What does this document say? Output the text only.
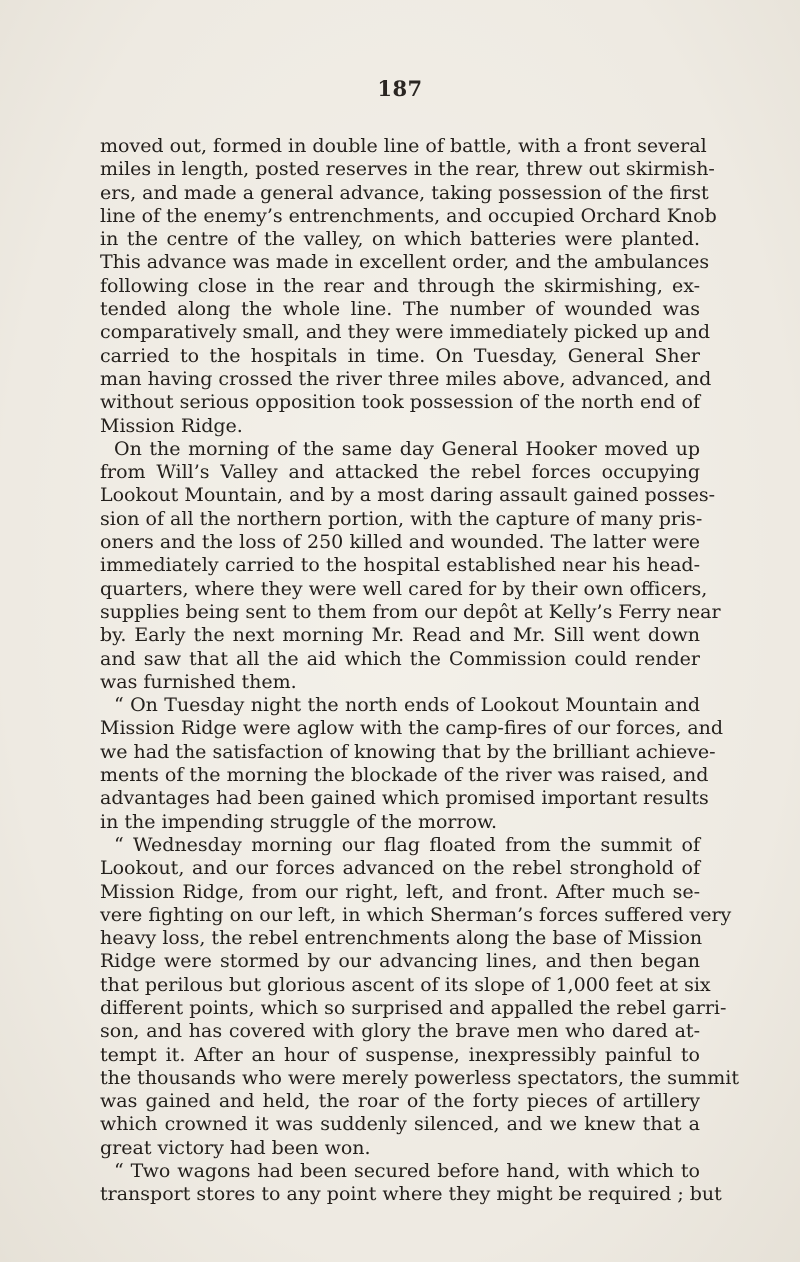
187
moved out, formed in double line of battle, with a front several
miles in length, posted reserves in the rear, threw out skirmish-
ers, and made a general advance, taking possession of the first
line of the enemy’s entrenchments, and occupied Orchard Knob
in the centre of the valley, on which batteries were planted.
This advance was made in excellent order, and the ambulances
following close in the rear and through the skirmishing, ex-
tended along the whole line. The number of wounded was
comparatively small, and they were immediately picked up and
carried to the hospitals in time. On Tuesday, General Sher
man having crossed the river three miles above, advanced, and
without serious opposition took possession of the north end of
Mission Ridge.
On the morning of the same day General Hooker moved up
from Will’s Valley and attacked the rebel forces occupying
Lookout Mountain, and by a most daring assault gained posses-
sion of all the northern portion, with the capture of many pris-
oners and the loss of 250 killed and wounded. The latter were
immediately carried to the hospital established near his head-
quarters, where they were well cared for by their own officers,
supplies being sent to them from our depôt at Kelly’s Ferry near
by. Early the next morning Mr. Read and Mr. Sill went down
and saw that all the aid which the Commission could render
was furnished them.
“ On Tuesday night the north ends of Lookout Mountain and
Mission Ridge were aglow with the camp-fires of our forces, and
we had the satisfaction of knowing that by the brilliant achieve-
ments of the morning the blockade of the river was raised, and
advantages had been gained which promised important results
in the impending struggle of the morrow.
“ Wednesday morning our flag floated from the summit of
Lookout, and our forces advanced on the rebel stronghold of
Mission Ridge, from our right, left, and front. After much se-
vere fighting on our left, in which Sherman’s forces suffered very
heavy loss, the rebel entrenchments along the base of Mission
Ridge were stormed by our advancing lines, and then began
that perilous but glorious ascent of its slope of 1,000 feet at six
different points, which so surprised and appalled the rebel garri-
son, and has covered with glory the brave men who dared at-
tempt it. After an hour of suspense, inexpressibly painful to
the thousands who were merely powerless spectators, the summit
was gained and held, the roar of the forty pieces of artillery
which crowned it was suddenly silenced, and we knew that a
great victory had been won.
“ Two wagons had been secured before hand, with which to
transport stores to any point where they might be required ; but
